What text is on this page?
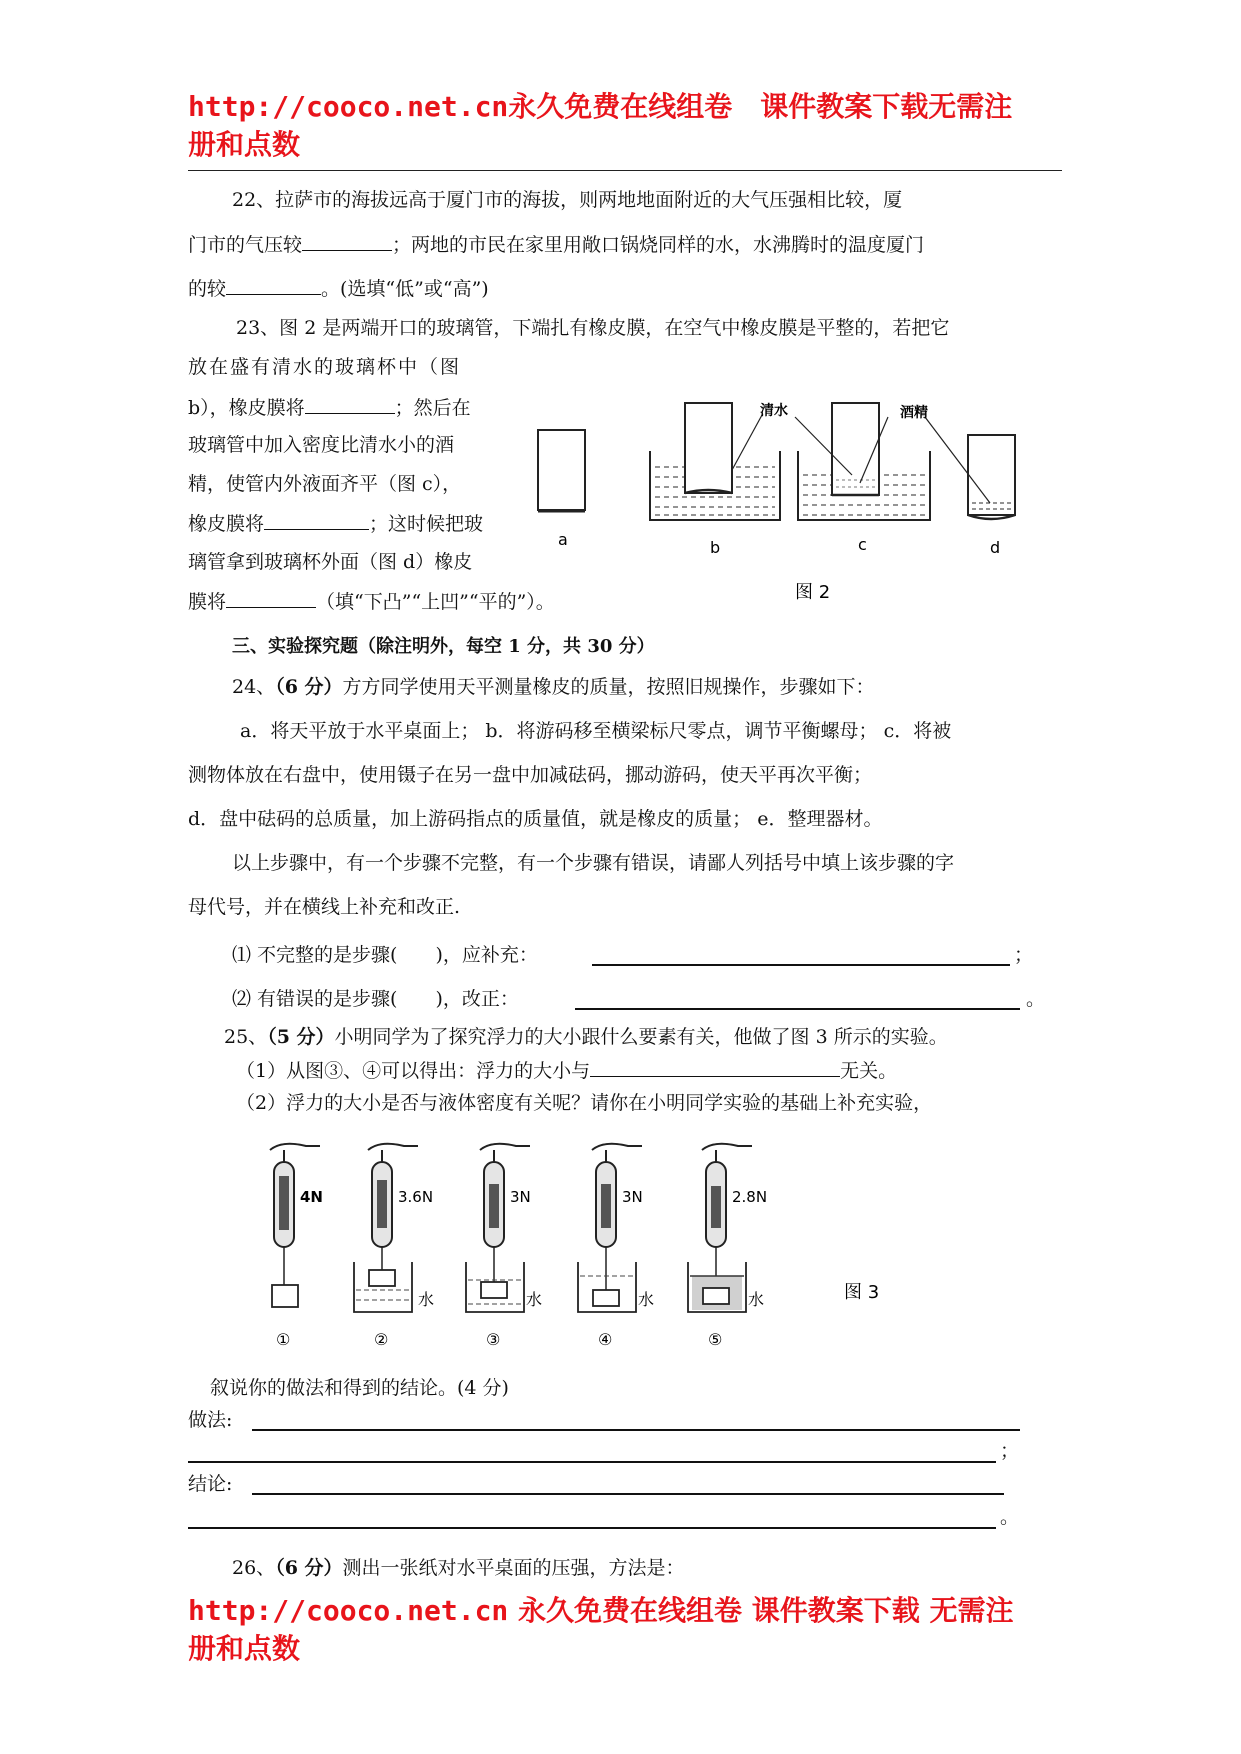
http://cooco.net.cn永久免费在线组卷　课件教案下载无需注
册和点数
22、拉萨市的海拔远高于厦门市的海拔，则两地地面附近的大气压强相比较，厦
门市的气压较	；两地的市民在家里用敞口锅烧同样的水，水沸腾时的温度厦门
的较	。(选填“低”或“高”)
23、图 2 是两端开口的玻璃管，下端扎有橡皮膜，在空气中橡皮膜是平整的，若把它
放在盛有清水的玻璃杯中（图
b），橡皮膜将	；然后在
玻璃管中加入密度比清水小的酒
精，使管内外液面齐平（图 c），
橡皮膜将	；这时候把玻
璃管拿到玻璃杯外面（图 d）橡皮
膜将	（填“下凸”“上凹”“平的”）。
清水	酒精
a	b	c	d
图 2
三、实验探究题（除注明外，每空 1 分，共 30 分）
24、（6 分）方方同学使用天平测量橡皮的质量，按照旧规操作，步骤如下：
a．将天平放于水平桌面上； b．将游码移至横梁标尺零点，调节平衡螺母； c．将被
测物体放在右盘中，使用镊子在另一盘中加减砝码，挪动游码，使天平再次平衡；
d．盘中砝码的总质量，加上游码指点的质量值，就是橡皮的质量； e．整理器材。
以上步骤中，有一个步骤不完整，有一个步骤有错误，请鄙人列括号中填上该步骤的字
母代号，并在横线上补充和改正.
⑴ 不完整的是步骤(　　)，应补充：	；
⑵ 有错误的是步骤(　　)，改正：	。
25、（5 分）小明同学为了探究浮力的大小跟什么要素有关，他做了图 3 所示的实验。
（1）从图③、④可以得出：浮力的大小与	无关。
（2）浮力的大小是否与液体密度有关呢？请你在小明同学实验的基础上补充实验，
4N
①
3.6N
水
②
3N
水
③
3N
水
④
2.8N
水
⑤
图 3
叙说你的做法和得到的结论。(4 分)
做法:
；
结论:
。
26、（6 分）测出一张纸对水平桌面的压强，方法是：
http://cooco.net.cn 永久免费在线组卷 课件教案下载 无需注
册和点数
